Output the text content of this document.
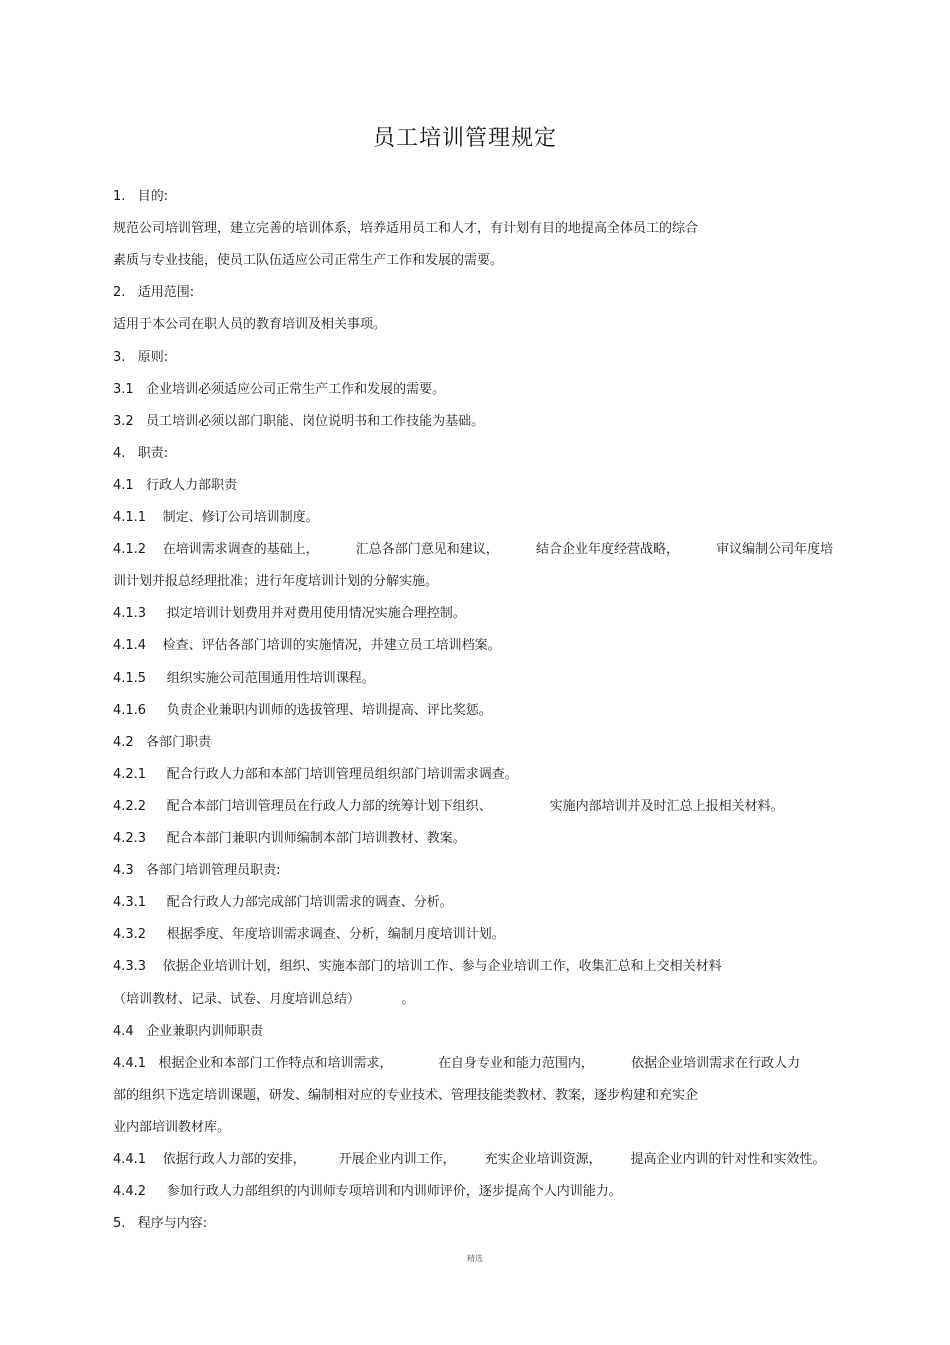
员工培训管理规定
1.   目的:
规范公司培训管理，建立完善的培训体系，培养适用员工和人才，有计划有目的地提高全体员工的综合
素质与专业技能，使员工队伍适应公司正常生产工作和发展的需要。
2.   适用范围:
适用于本公司在职人员的教育培训及相关事项。
3.   原则:
3.1   企业培训必须适应公司正常生产工作和发展的需要。
3.2   员工培训必须以部门职能、岗位说明书和工作技能为基础。
4.   职责:
4.1   行政人力部职责
4.1.1    制定、修订公司培训制度。
4.1.2    在培训需求调查的基础上，         汇总各部门意见和建议，         结合企业年度经营战略，         审议编制公司年度培
训计划并报总经理批准；进行年度培训计划的分解实施。
4.1.3     拟定培训计划费用并对费用使用情况实施合理控制。
4.1.4    检查、评估各部门培训的实施情况，并建立员工培训档案。
4.1.5     组织实施公司范围通用性培训课程。
4.1.6     负责企业兼职内训师的选拔管理、培训提高、评比奖惩。
4.2   各部门职责
4.2.1     配合行政人力部和本部门培训管理员组织部门培训需求调查。
4.2.2     配合本部门培训管理员在行政人力部的统筹计划下组织、              实施内部培训并及时汇总上报相关材料。
4.2.3     配合本部门兼职内训师编制本部门培训教材、教案。
4.3   各部门培训管理员职责:
4.3.1     配合行政人力部完成部门培训需求的调查、分析。
4.3.2     根据季度、年度培训需求调查、分析，编制月度培训计划。
4.3.3    依据企业培训计划，组织、实施本部门的培训工作、参与企业培训工作，收集汇总和上交相关材料
（培训教材、记录、试卷、月度培训总结）          。
4.4   企业兼职内训师职责
4.4.1   根据企业和本部门工作特点和培训需求，           在自身专业和能力范围内，         依据企业培训需求在行政人力
部的组织下选定培训课题，研发、编制相对应的专业技术、管理技能类教材、教案，逐步构建和充实企
业内部培训教材库。
4.4.1    依据行政人力部的安排，        开展企业内训工作，       充实企业培训资源，       提高企业内训的针对性和实效性。
4.4.2     参加行政人力部组织的内训师专项培训和内训师评价，逐步提高个人内训能力。
5.   程序与内容:
精选
